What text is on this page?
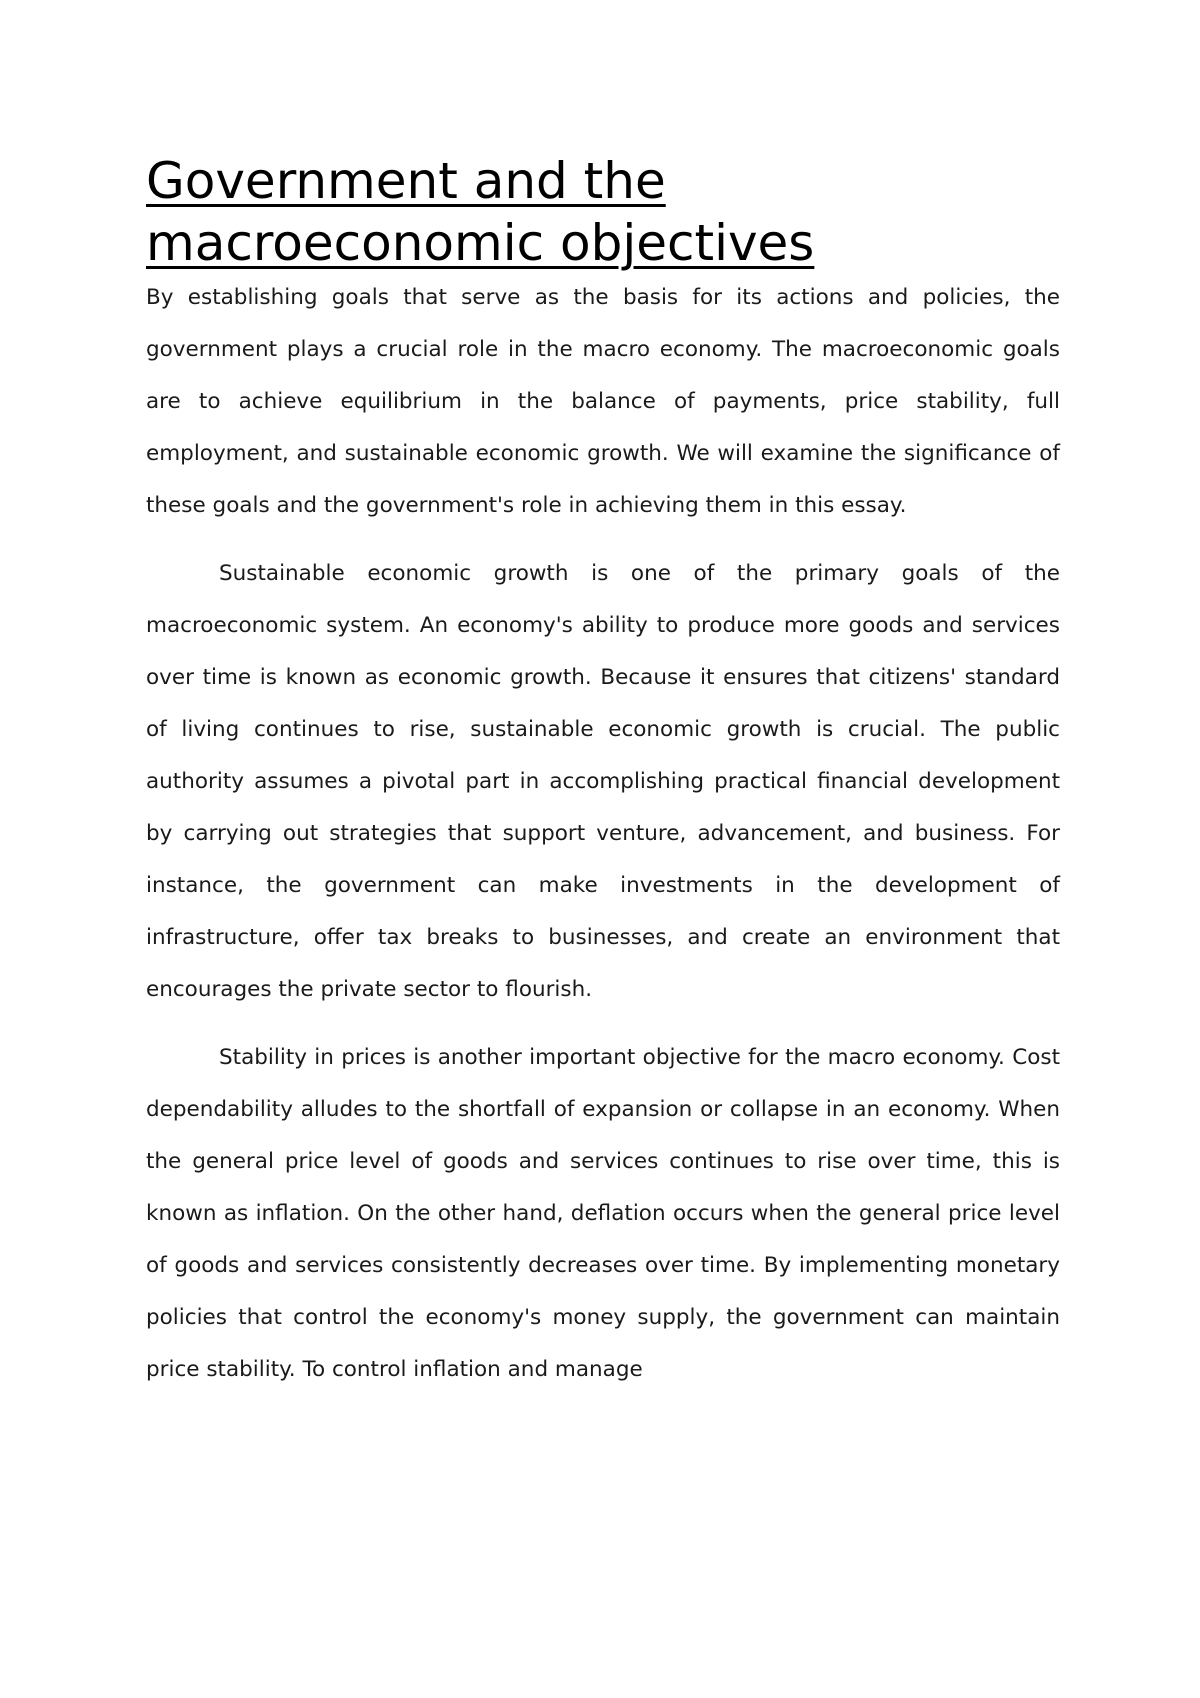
Government and the
macroeconomic objectives

By establishing goals that serve as the basis for its actions and policies, the government plays a crucial role in the macro economy. The macroeconomic goals are to achieve equilibrium in the balance of payments, price stability, full employment, and sustainable economic growth. We will examine the significance of these goals and the government's role in achieving them in this essay.

Sustainable economic growth is one of the primary goals of the macroeconomic system. An economy's ability to produce more goods and services over time is known as economic growth. Because it ensures that citizens' standard of living continues to rise, sustainable economic growth is crucial. The public authority assumes a pivotal part in accomplishing practical financial development by carrying out strategies that support venture, advancement, and business. For instance, the government can make investments in the development of infrastructure, offer tax breaks to businesses, and create an environment that encourages the private sector to flourish.

Stability in prices is another important objective for the macro economy. Cost dependability alludes to the shortfall of expansion or collapse in an economy. When the general price level of goods and services continues to rise over time, this is known as inflation. On the other hand, deflation occurs when the general price level of goods and services consistently decreases over time. By implementing monetary policies that control the economy's money supply, the government can maintain price stability. To control inflation and manage
